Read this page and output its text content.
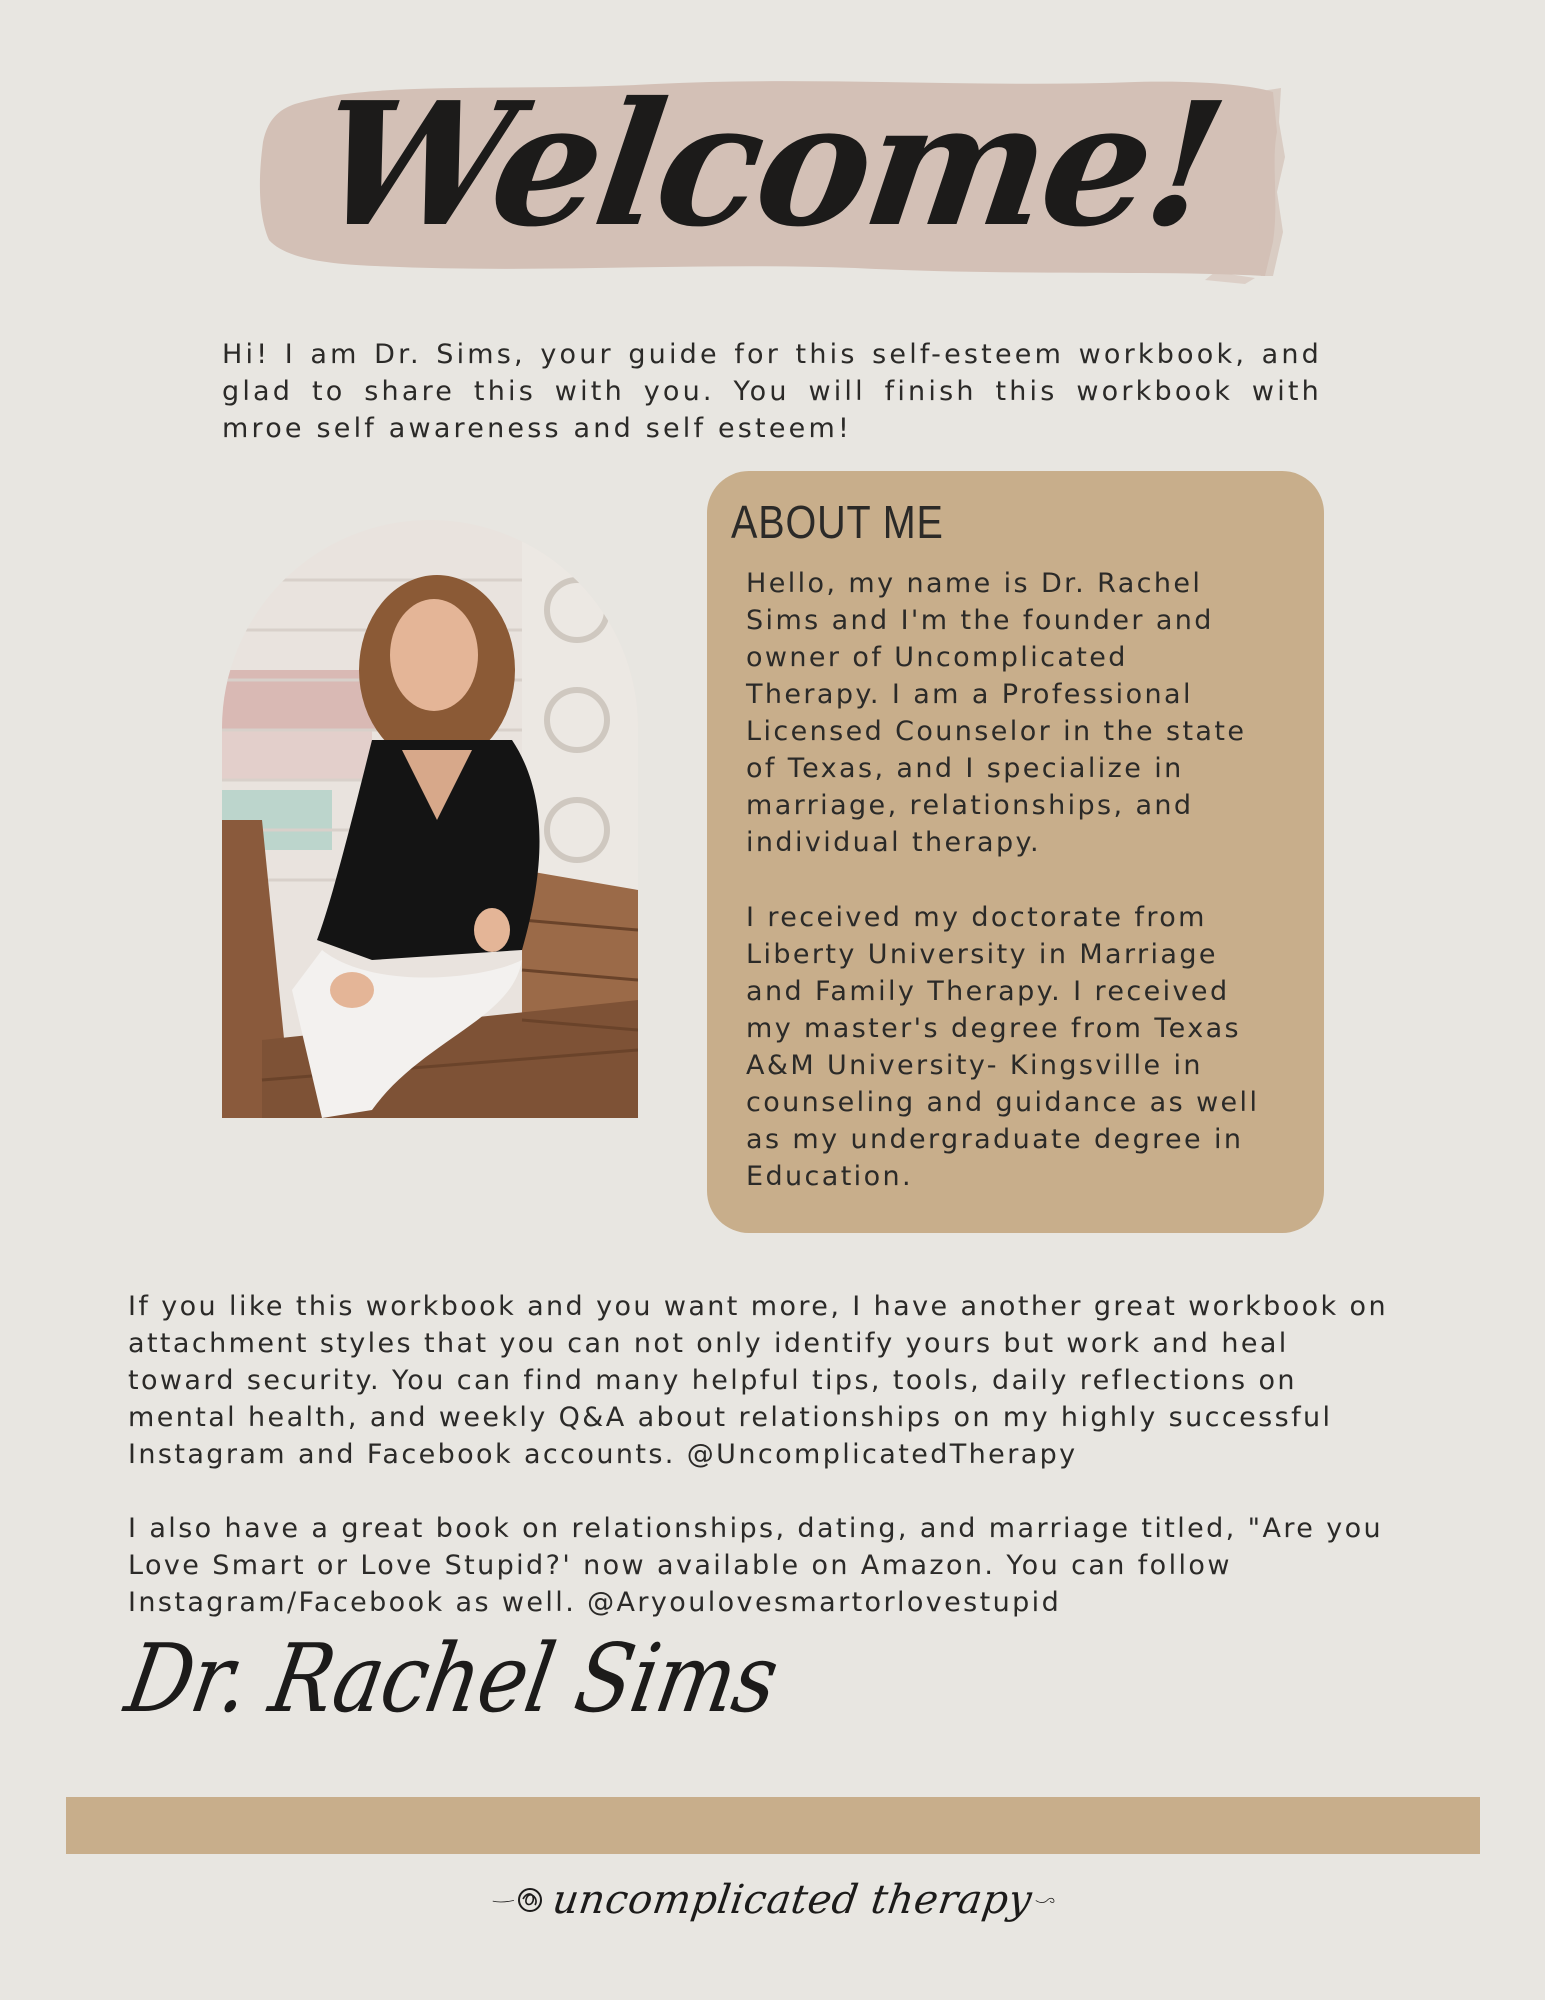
Welcome!

Hi! I am Dr. Sims, your guide for this self-esteem workbook, and glad to share this with you. You will finish this workbook with mroe self awareness and self esteem!

ABOUT ME

Hello, my name is Dr. Rachel
Sims and I'm the founder and
owner of Uncomplicated
Therapy. I am a Professional
Licensed Counselor in the state
of Texas, and I specialize in
marriage, relationships, and
individual therapy.

I received my doctorate from
Liberty University in Marriage
and Family Therapy. I received
my master's degree from Texas
A&M University- Kingsville in
counseling and guidance as well
as my undergraduate degree in
Education.

If you like this workbook and you want more, I have another great workbook on
attachment styles that you can not only identify yours but work and heal
toward security. You can find many helpful tips, tools, daily reflections on
mental health, and weekly Q&A about relationships on my highly successful
Instagram and Facebook accounts. @UncomplicatedTherapy

I also have a great book on relationships, dating, and marriage titled, "Are you
Love Smart or Love Stupid?' now available on Amazon. You can follow
Instagram/Facebook as well. @Aryoulovesmartorlovestupid

Dr. Rachel Sims
uncomplicated therapy
